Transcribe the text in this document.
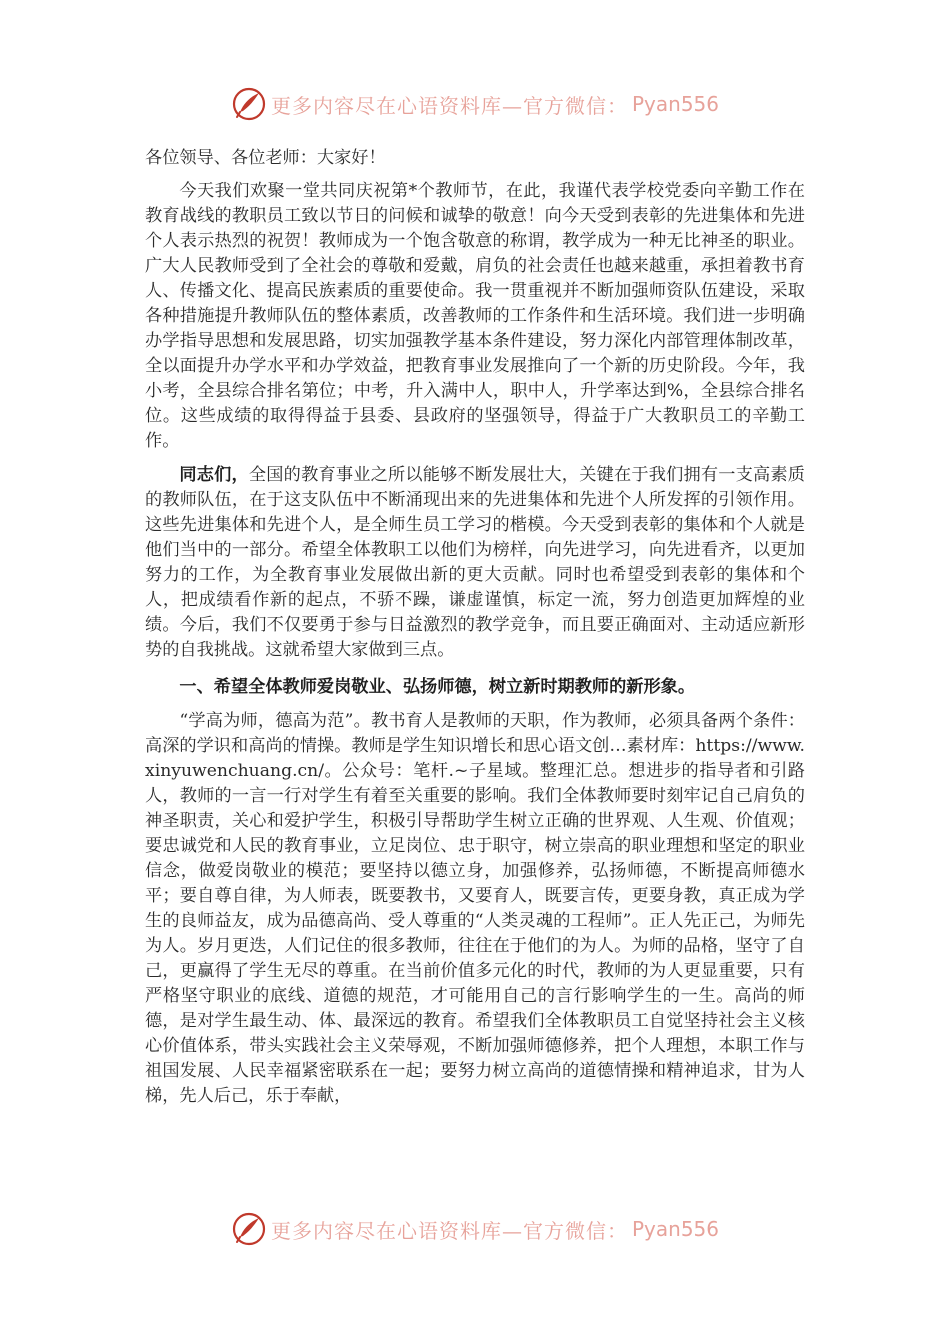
更多内容尽在心语资料库—官方微信： Pyan556

各位领导、各位老师：大家好！

今天我们欢聚一堂共同庆祝第*个教师节，在此，我谨代表学校党委向辛勤工作在教育战线的教职员工致以节日的问候和诚挚的敬意！向今天受到表彰的先进集体和先进个人表示热烈的祝贺！教师成为一个饱含敬意的称谓，教学成为一种无比神圣的职业。广大人民教师受到了全社会的尊敬和爱戴，肩负的社会责任也越来越重，承担着教书育人、传播文化、提高民族素质的重要使命。我一贯重视并不断加强师资队伍建设，采取各种措施提升教师队伍的整体素质，改善教师的工作条件和生活环境。我们进一步明确办学指导思想和发展思路，切实加强教学基本条件建设，努力深化内部管理体制改革，全以面提升办学水平和办学效益，把教育事业发展推向了一个新的历史阶段。今年，我小考，全县综合排名第位；中考，升入满中人，职中人，升学率达到%，全县综合排名位。这些成绩的取得得益于县委、县政府的坚强领导，得益于广大教职员工的辛勤工作。

同志们，全国的教育事业之所以能够不断发展壮大，关键在于我们拥有一支高素质的教师队伍，在于这支队伍中不断涌现出来的先进集体和先进个人所发挥的引领作用。这些先进集体和先进个人，是全师生员工学习的楷模。今天受到表彰的集体和个人就是他们当中的一部分。希望全体教职工以他们为榜样，向先进学习，向先进看齐，以更加努力的工作，为全教育事业发展做出新的更大贡献。同时也希望受到表彰的集体和个人，把成绩看作新的起点，不骄不躁，谦虚谨慎，标定一流，努力创造更加辉煌的业绩。今后，我们不仅要勇于参与日益激烈的教学竞争，而且要正确面对、主动适应新形势的自我挑战。这就希望大家做到三点。

一、希望全体教师爱岗敬业、弘扬师德，树立新时期教师的新形象。

“学高为师，德高为范”。教书育人是教师的天职，作为教师，必须具备两个条件：高深的学识和高尚的情操。教师是学生知识增长和思心语文创…素材库：https://www.xinyuwenchuang.cn/。公众号：笔杆.~子星域。整理汇总。想进步的指导者和引路人，教师的一言一行对学生有着至关重要的影响。我们全体教师要时刻牢记自己肩负的神圣职责，关心和爱护学生，积极引导帮助学生树立正确的世界观、人生观、价值观；要忠诚党和人民的教育事业，立足岗位、忠于职守，树立崇高的职业理想和坚定的职业信念，做爱岗敬业的模范；要坚持以德立身，加强修养，弘扬师德，不断提高师德水平；要自尊自律，为人师表，既要教书，又要育人，既要言传，更要身教，真正成为学生的良师益友，成为品德高尚、受人尊重的“人类灵魂的工程师”。正人先正己，为师先为人。岁月更迭，人们记住的很多教师，往往在于他们的为人。为师的品格，坚守了自己，更赢得了学生无尽的尊重。在当前价值多元化的时代，教师的为人更显重要，只有严格坚守职业的底线、道德的规范，才可能用自己的言行影响学生的一生。高尚的师德，是对学生最生动、体、最深远的教育。希望我们全体教职员工自觉坚持社会主义核心价值体系，带头实践社会主义荣辱观，不断加强师德修养，把个人理想，本职工作与祖国发展、人民幸福紧密联系在一起；要努力树立高尚的道德情操和精神追求，甘为人梯，先人后己，乐于奉献，

更多内容尽在心语资料库—官方微信： Pyan556
